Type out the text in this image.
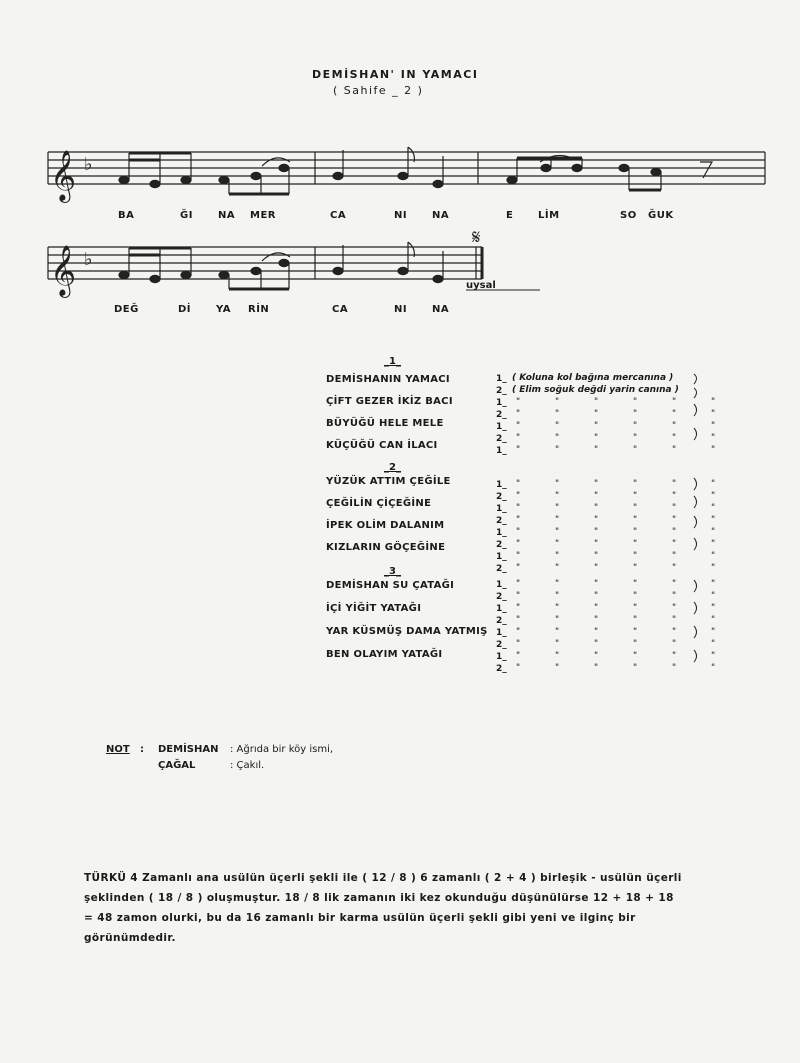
DEMİSHAN' IN YAMACI
( Sahife _ 2 )
𝄞
𝄞
♭
♭
𝄋
uysal
BA	ĞI	NA MER	CA	NI NA	E LİM	SO ĞUK
DEĞ	Dİ YA RİN	CA	NI NA
_1_
DEMİSHANIN YAMACI
ÇİFT GEZER İKİZ BACI
BÜYÜĞÜ HELE MELE
KÜÇÜĞÜ CAN İLACI
1_ ( Koluna kol bağına mercanına )
2_ ( Elim soğuk değdi yarin canına )
1_ " " " " " "
2_ " " " " " "
1_ " " " " " "
2_ " " " " " "
1_ " " " " " "
_2_
YÜZÜK ATTIM ÇEĞİLE
ÇEĞİLİN ÇİÇEĞİNE
İPEK OLİM DALANIM
KIZLARIN GÖÇEĞİNE
1_ " " " " " "
2_ " " " " " "
1_ " " " " " "
2_ " " " " " "
1_ " " " " " "
2_ " " " " " "
1_ " " " " " "
2_ " " " " " "
_3_
DEMİSHAN SU ÇATAĞI
İÇİ YİĞİT YATAĞI
YAR KÜSMÜŞ DAMA YATMIŞ
BEN OLAYIM YATAĞI
1_ " " " " " "
2_ " " " " " "
1_ " " " " " "
2_ " " " " " "
1_ " " " " " "
2_ " " " " " "
1_ " " " " " "
2_ " " " " " "
NOT : DEMİSHAN : Ağrıda bir köy ismi,
ÇAĞAL	: Çakıl.
TÜRKÜ 4 Zamanlı ana usülün üçerli şekli ile ( 12 / 8 ) 6 zamanlı ( 2 + 4 ) birleşik - usülün üçerli şeklinden ( 18 / 8 ) oluşmuştur. 18 / 8 lik zamanın iki kez okunduğu düşünülürse 12 + 18 + 18 = 48 zamon olurki, bu da 16 zamanlı bir karma usülün üçerli şekli gibi yeni ve ilginç bir görünümdedir.
